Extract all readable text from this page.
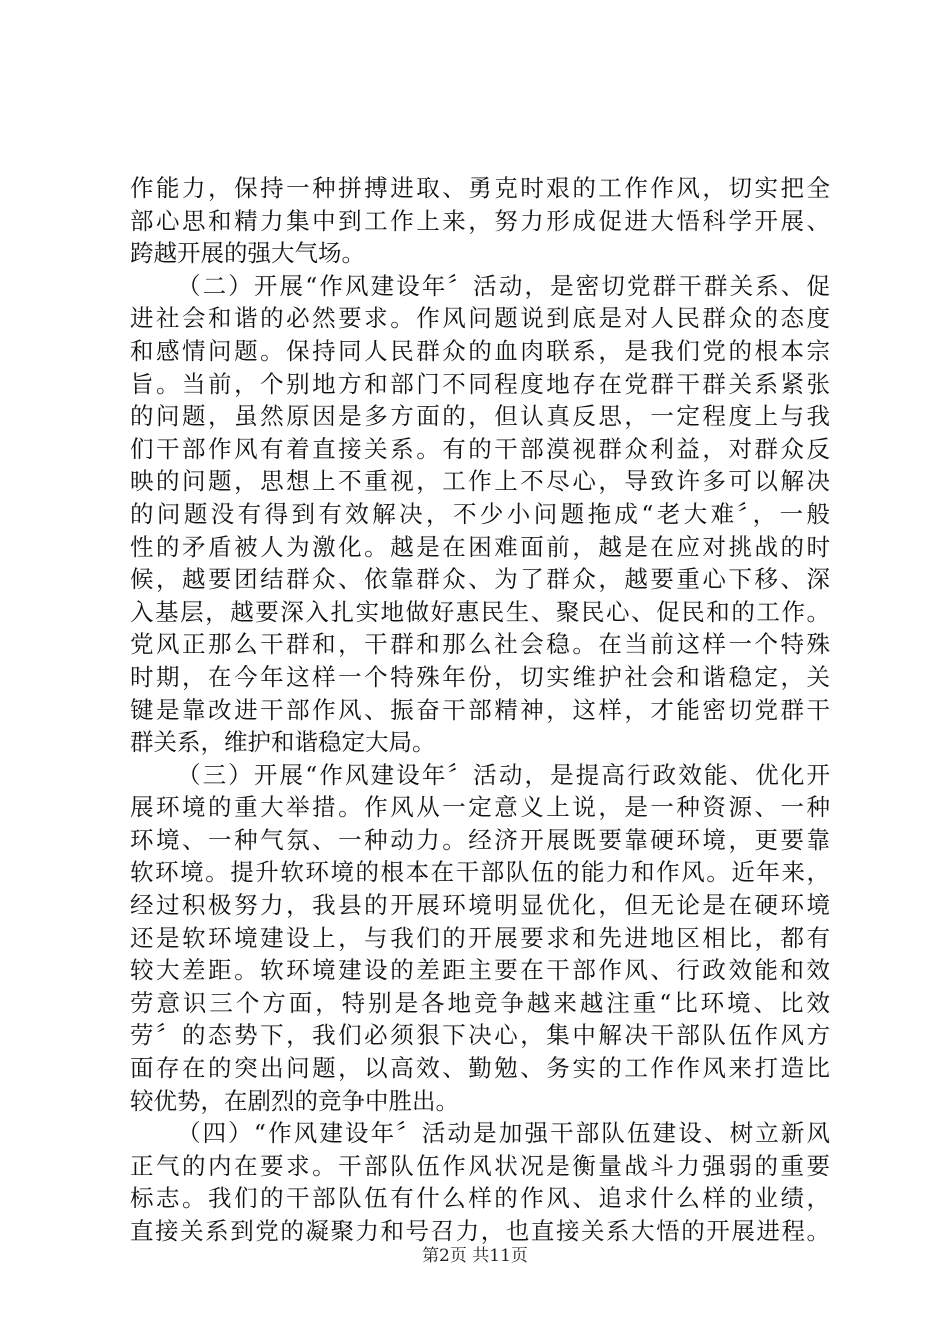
作能力，保持一种拼搏进取、勇克时艰的工作作风，切实把全
部心思和精力集中到工作上来，努力形成促进大悟科学开展、
跨越开展的强大气场。
（二）开展“作风建设年〞活动，是密切党群干群关系、促
进社会和谐的必然要求。作风问题说到底是对人民群众的态度
和感情问题。保持同人民群众的血肉联系，是我们党的根本宗
旨。当前，个别地方和部门不同程度地存在党群干群关系紧张
的问题，虽然原因是多方面的，但认真反思，一定程度上与我
们干部作风有着直接关系。有的干部漠视群众利益，对群众反
映的问题，思想上不重视，工作上不尽心，导致许多可以解决
的问题没有得到有效解决，不少小问题拖成“老大难〞，一般
性的矛盾被人为激化。越是在困难面前，越是在应对挑战的时
候，越要团结群众、依靠群众、为了群众，越要重心下移、深
入基层，越要深入扎实地做好惠民生、聚民心、促民和的工作。
党风正那么干群和，干群和那么社会稳。在当前这样一个特殊
时期，在今年这样一个特殊年份，切实维护社会和谐稳定，关
键是靠改进干部作风、振奋干部精神，这样，才能密切党群干
群关系，维护和谐稳定大局。
（三）开展“作风建设年〞活动，是提高行政效能、优化开
展环境的重大举措。作风从一定意义上说，是一种资源、一种
环境、一种气氛、一种动力。经济开展既要靠硬环境，更要靠
软环境。提升软环境的根本在干部队伍的能力和作风。近年来，
经过积极努力，我县的开展环境明显优化，但无论是在硬环境
还是软环境建设上，与我们的开展要求和先进地区相比，都有
较大差距。软环境建设的差距主要在干部作风、行政效能和效
劳意识三个方面，特别是各地竞争越来越注重“比环境、比效
劳〞的态势下，我们必须狠下决心，集中解决干部队伍作风方
面存在的突出问题，以高效、勤勉、务实的工作作风来打造比
较优势，在剧烈的竞争中胜出。
（四）“作风建设年〞活动是加强干部队伍建设、树立新风
正气的内在要求。干部队伍作风状况是衡量战斗力强弱的重要
标志。我们的干部队伍有什么样的作风、追求什么样的业绩，
直接关系到党的凝聚力和号召力，也直接关系大悟的开展进程。
第2页 共11页
